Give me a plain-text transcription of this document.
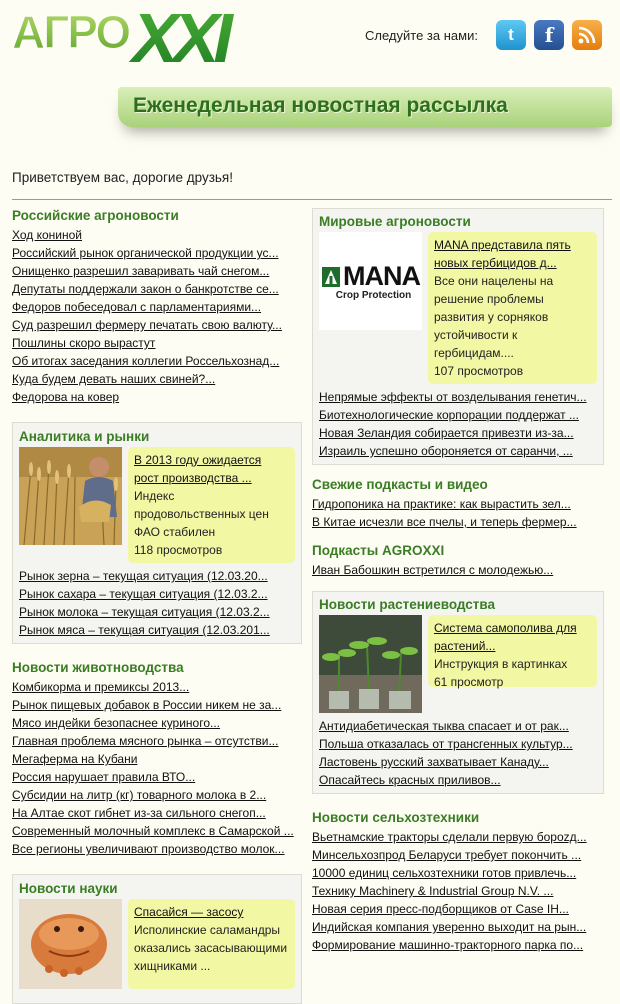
АГРО XXI	Следуйте за нами: t f
Еженедельная новостная рассылка
Приветствуем вас, дорогие друзья!
Российские агроновости
Ход кониной
Российский рынок органической продукции ус...
Онищенко разрешил заваривать чай снегом...
Депутаты поддержали закон о банкротстве се...
Федоров побеседовал с парламентариями...
Суд разрешил фермеру печатать свою валюту...
Пошлины скоро вырастут
Об итогах заседания коллегии Россельхознад...
Куда будем девать наших свиней?...
Федорова на ковер
Аналитика и рынки
В 2013 году ожидается рост производства ...
Индекс продовольственных цен ФАО стабилен
118 просмотров
Рынок зерна – текущая ситуация (12.03.20...
Рынок сахара – текущая ситуация (12.03.2...
Рынок молока – текущая ситуация (12.03.2...
Рынок мяса – текущая ситуация (12.03.201...
Новости животноводства
Комбикорма и премиксы 2013...
Рынок пищевых добавок в России никем не за...
Мясо индейки безопаснее куриного...
Главная проблема мясного рынка – отсутстви...
Мегаферма на Кубани
Россия нарушает правила ВТО...
Субсидии на литр (кг) товарного молока в 2...
На Алтае скот гибнет из-за сильного снегоп...
Современный молочный комплекс в Самарской ...
Все регионы увеличивают производство молок...
Новости науки
Спасайся — засосу
Исполинские саламандры оказались засасывающими хищниками ...
Мировые агроновости
MANA
Crop Protection
MANA представила пять новых гербицидов д...
Все они нацелены на решение проблемы развития у сорняков устойчивости к гербицидам....
107 просмотров
Непрямые эффекты от возделывания генетич...
Биотехнологические корпорации поддержат ...
Новая Зеландия собирается привезти из-за...
Израиль успешно обороняется от саранчи, ...
Свежие подкасты и видео
Гидропоника на практике: как вырастить зел...
В Китае исчезли все пчелы, и теперь фермер...
Подкасты AGROXXI
Иван Бабошкин встретился с молодежью...
Новости растениеводства
Система самополива для растений...
Инструкция в картинках
61 просмотр
Антидиабетическая тыква спасает и от рак...
Польша отказалась от трансгенных культур...
Ластовень русский захватывает Канаду...
Опасайтесь красных приливов...
Новости сельхозтехники
Вьетнамские тракторы сделали первую бороzд...
Минсельхозпрод Беларуси требует покончить ...
10000 единиц сельхозтехники готов привлечь...
Технику Machinery & Industrial Group N.V. ...
Новая серия пресс-подборщиков от Case IH...
Индийская компания уверенно выходит на рын...
Формирование машинно-тракторного парка по...
